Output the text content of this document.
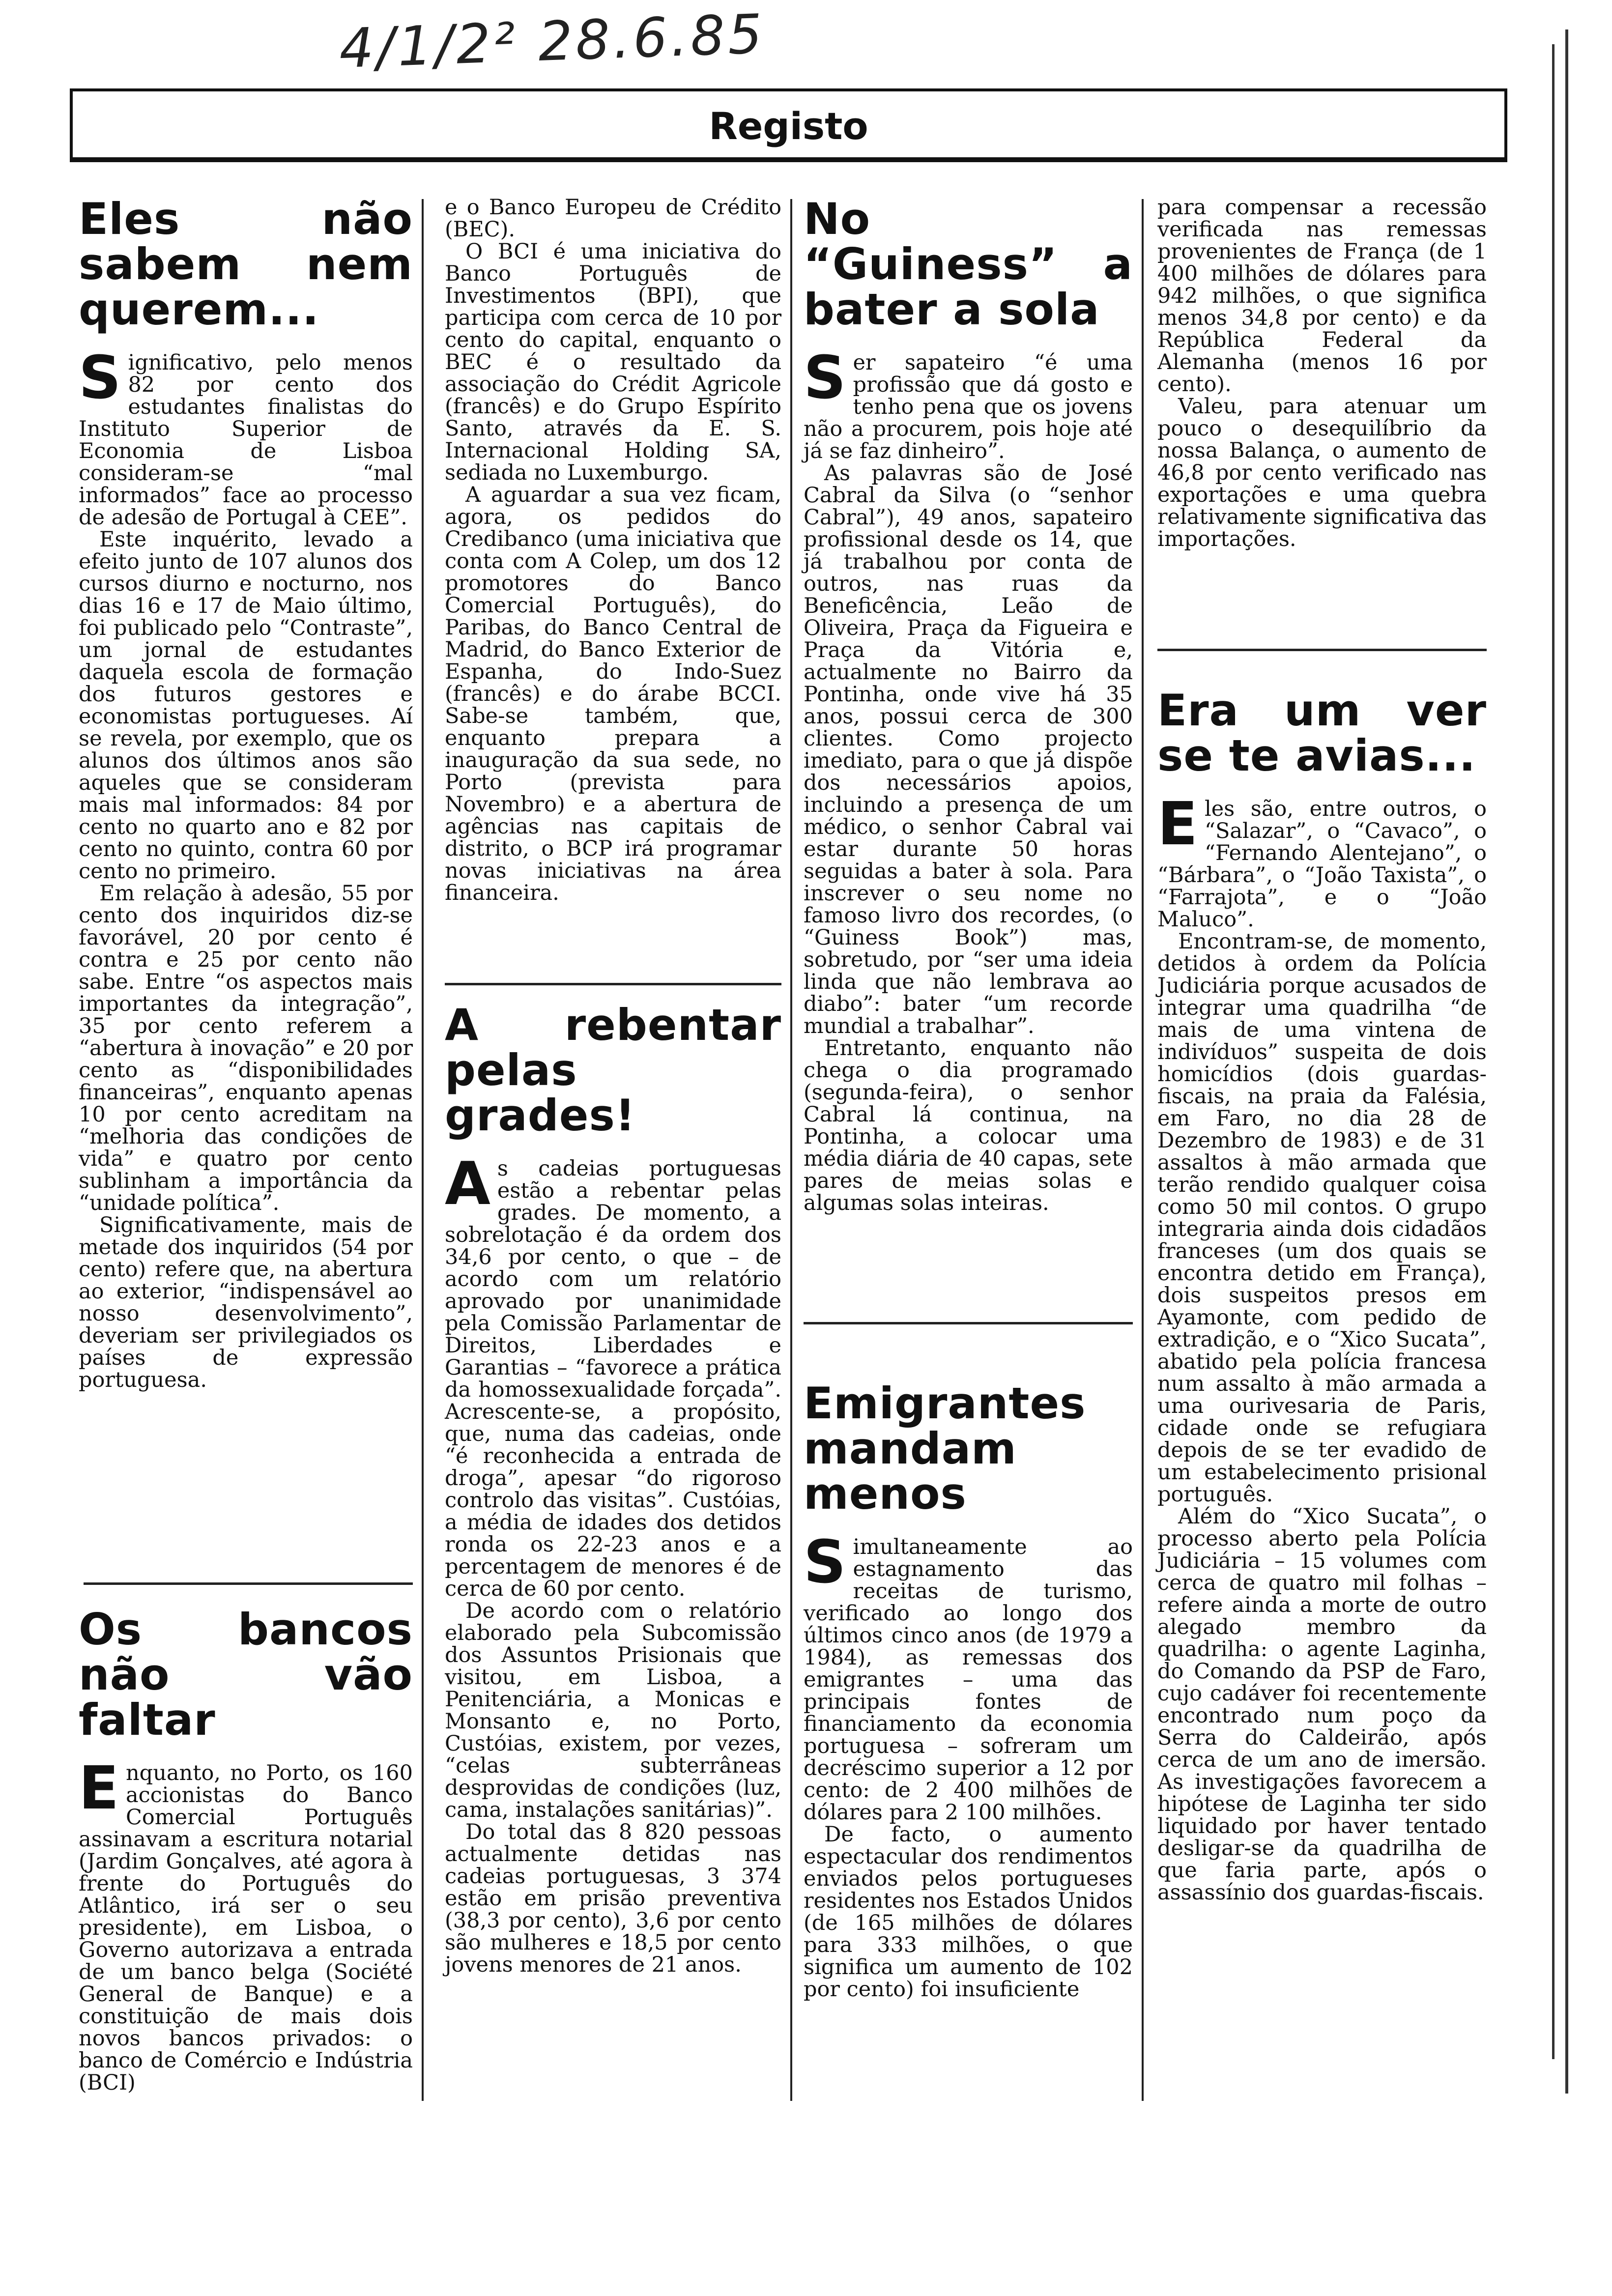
4/1/2² 28.6.85
Registo
Eles não sabem nem querem...

Significativo, pelo menos 82 por cento dos estudantes finalistas do Instituto Superior de Economia de Lisboa consideram-se “mal informados” face ao processo de adesão de Portugal à CEE”.

Este inquérito, levado a efeito junto de 107 alunos dos cursos diurno e nocturno, nos dias 16 e 17 de Maio último, foi publicado pelo “Contraste”, um jornal de estudantes daquela escola de formação dos futuros gestores e economistas portugueses. Aí se revela, por exemplo, que os alunos dos últimos anos são aqueles que se consideram mais mal informados: 84 por cento no quarto ano e 82 por cento no quinto, contra 60 por cento no primeiro.

Em relação à adesão, 55 por cento dos inquiridos diz-se favorável, 20 por cento é contra e 25 por cento não sabe. Entre “os aspectos mais importantes da integração”, 35 por cento referem a “abertura à inovação” e 20 por cento as “disponibilidades financeiras”, enquanto apenas 10 por cento acreditam na “melhoria das condições de vida” e quatro por cento sublinham a importância da “unidade política”.

Significativamente, mais de metade dos inquiridos (54 por cento) refere que, na abertura ao exterior, “indispensável ao nosso desenvolvimento”, deveriam ser privilegiados os países de expressão portuguesa.

Os bancos não vão faltar

Enquanto, no Porto, os 160 accionistas do Banco Comercial Português assinavam a escritura notarial (Jardim Gonçalves, até agora à frente do Português do Atlântico, irá ser o seu presidente), em Lisboa, o Governo autorizava a entrada de um banco belga (Société General de Banque) e a constituição de mais dois novos bancos privados: o banco de Comércio e Indústria (BCI)

e o Banco Europeu de Crédito (BEC).

O BCI é uma iniciativa do Banco Português de Investimentos (BPI), que participa com cerca de 10 por cento do capital, enquanto o BEC é o resultado da associação do Crédit Agricole (francês) e do Grupo Espírito Santo, através da E. S. Internacional Holding SA, sediada no Luxemburgo.

A aguardar a sua vez ficam, agora, os pedidos do Credibanco (uma iniciativa que conta com A Colep, um dos 12 promotores do Banco Comercial Português), do Paribas, do Banco Central de Madrid, do Banco Exterior de Espanha, do Indo-Suez (francês) e do árabe BCCI. Sabe-se também, que, enquanto prepara a inauguração da sua sede, no Porto (prevista para Novembro) e a abertura de agências nas capitais de distrito, o BCP irá programar novas iniciativas na área financeira.

A rebentar pelas grades!

As cadeias portuguesas estão a rebentar pelas grades. De momento, a sobrelotação é da ordem dos 34,6 por cento, o que – de acordo com um relatório aprovado por unanimidade pela Comissão Parlamentar de Direitos, Liberdades e Garantias – “favorece a prática da homossexualidade forçada”. Acrescente-se, a propósito, que, numa das cadeias, onde “é reconhecida a entrada de droga”, apesar “do rigoroso controlo das visitas”. Custóias, a média de idades dos detidos ronda os 22-23 anos e a percentagem de menores é de cerca de 60 por cento.

De acordo com o relatório elaborado pela Subcomissão dos Assuntos Prisionais que visitou, em Lisboa, a Penitenciária, a Monicas e Monsanto e, no Porto, Custóias, existem, por vezes, “celas subterrâneas desprovidas de condições (luz, cama, instalações sanitárias)”.

Do total das 8 820 pessoas actualmente detidas nas cadeias portuguesas, 3 374 estão em prisão preventiva (38,3 por cento), 3,6 por cento são mulheres e 18,5 por cento jovens menores de 21 anos.

No “Guiness” a bater a sola

Ser sapateiro “é uma profissão que dá gosto e tenho pena que os jovens não a procurem, pois hoje até já se faz dinheiro”.

As palavras são de José Cabral da Silva (o “senhor Cabral”), 49 anos, sapateiro profissional desde os 14, que já trabalhou por conta de outros, nas ruas da Beneficência, Leão de Oliveira, Praça da Figueira e Praça da Vitória e, actualmente no Bairro da Pontinha, onde vive há 35 anos, possui cerca de 300 clientes. Como projecto imediato, para o que já dispõe dos necessários apoios, incluindo a presença de um médico, o senhor Cabral vai estar durante 50 horas seguidas a bater à sola. Para inscrever o seu nome no famoso livro dos recordes, (o “Guiness Book”) mas, sobretudo, por “ser uma ideia linda que não lembrava ao diabo”: bater “um recorde mundial a trabalhar”.

Entretanto, enquanto não chega o dia programado (segunda-feira), o senhor Cabral lá continua, na Pontinha, a colocar uma média diária de 40 capas, sete pares de meias solas e algumas solas inteiras.

Emigrantes mandam menos

Simultaneamente ao estagnamento das receitas de turismo, verificado ao longo dos últimos cinco anos (de 1979 a 1984), as remessas dos emigrantes – uma das principais fontes de financiamento da economia portuguesa – sofreram um decréscimo superior a 12 por cento: de 2 400 milhões de dólares para 2 100 milhões.

De facto, o aumento espectacular dos rendimentos enviados pelos portugueses residentes nos Estados Unidos (de 165 milhões de dólares para 333 milhões, o que significa um aumento de 102 por cento) foi insuficiente

para compensar a recessão verificada nas remessas provenientes de França (de 1 400 milhões de dólares para 942 milhões, o que significa menos 34,8 por cento) e da República Federal da Alemanha (menos 16 por cento).

Valeu, para atenuar um pouco o desequilíbrio da nossa Balança, o aumento de 46,8 por cento verificado nas exportações e uma quebra relativamente significativa das importações.

Era um ver se te avias...

Eles são, entre outros, o “Salazar”, o “Cavaco”, o “Fernando Alentejano”, o “Bárbara”, o “João Taxista”, o “Farrajota”, e o “João Maluco”.

Encontram-se, de momento, detidos à ordem da Polícia Judiciária porque acusados de integrar uma quadrilha “de mais de uma vintena de indivíduos” suspeita de dois homicídios (dois guardas-fiscais, na praia da Falésia, em Faro, no dia 28 de Dezembro de 1983) e de 31 assaltos à mão armada que terão rendido qualquer coisa como 50 mil contos. O grupo integraria ainda dois cidadãos franceses (um dos quais se encontra detido em França), dois suspeitos presos em Ayamonte, com pedido de extradição, e o “Xico Sucata”, abatido pela polícia francesa num assalto à mão armada a uma ourivesaria de Paris, cidade onde se refugiara depois de se ter evadido de um estabelecimento prisional português.

Além do “Xico Sucata”, o processo aberto pela Polícia Judiciária – 15 volumes com cerca de quatro mil folhas – refere ainda a morte de outro alegado membro da quadrilha: o agente Laginha, do Comando da PSP de Faro, cujo cadáver foi recentemente encontrado num poço da Serra do Caldeirão, após cerca de um ano de imersão. As investigações favorecem a hipótese de Laginha ter sido liquidado por haver tentado desligar-se da quadrilha de que faria parte, após o assassínio dos guardas-fiscais.
